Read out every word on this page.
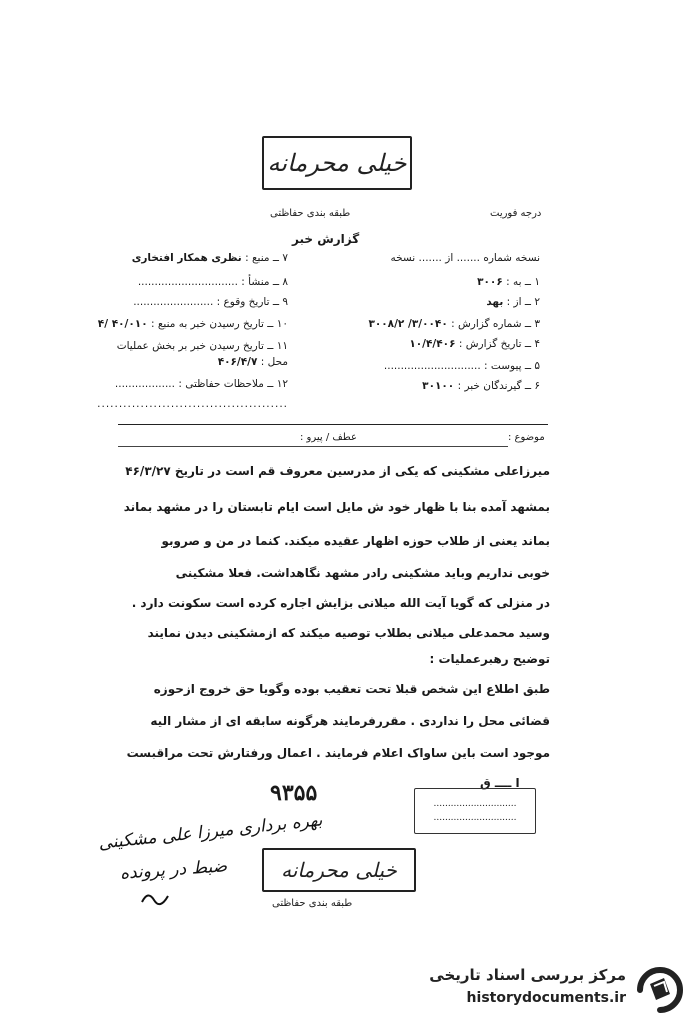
خیلی محرمانه
طبقه بندی حفاظتی	درجه فوریت
گزارش خبر
۷ ــ منبع : نظری همکار افتخاری
۸ ــ منشأ : ..............................
۹ ــ تاریخ وقوع : ........................
۱۰ ــ تاریخ رسیدن خبر به منبع : ۴۰/۰۱۰ /۴
۱۱ ــ تاریخ رسیدن خبر بر بخش عملیات
محل : ۴۰۶/۴/۷
۱۲ ــ ملاحظات حفاظتی : ..................
............................................
نسخه شماره ....... از ....... نسخه
۱ ــ به : ۳۰۰۶
۲ ــ از : بهد
۳ ــ شماره گزارش : ۳/۰۰۴۰/ ۳۰۰۸/۲
۴ ــ تاریخ گزارش : ۱۰/۴/۴۰۶
۵ ــ پیوست : .............................
۶ ــ گیرندگان خبر : ۳۰۱۰۰
عطف / پیرو :	موضوع :
میرزاعلی مشکینی که یکی از مدرسین معروف قم است در تاریخ ۴۶/۳/۲۷
بمشهد آمده بنا با ظهار خود ش مایل است ایام تابستان را در مشهد بماند
بماند یعنی از طلاب حوزه اظهار عقیده میکند. کنما در من و صروبو
خوبی نداریم وباید مشکینی رادر مشهد نگاهداشت. فعلا مشکینی
در منزلی که گویا آیت الله میلانی بزایش اجاره کرده است سکونت دارد .
وسید محمدعلی میلانی بطلاب توصیه میکند که ازمشکینی دیدن نمایند
توضیح رهبرعملیات :
طبق اطلاع این شخص قبلا تحت تعقیب بوده وگویا حق خروج ازحوزه
قضائی محل را نداردی . مقررفرمایند هرگونه سابقه ای از مشار الیه
موجود است باین ساواک اعلام فرمایند . اعمال ورفتارش تحت مراقبست
ا ــــ ق
۹۳۵۵	.............................
.............................
بهره برداری میرزا علی مشکینی
ضبط در پرونده	خیلی محرمانه
طبقه بندی حفاظتی
مرکز بررسی اسناد تاریخی
historydocuments.ir
